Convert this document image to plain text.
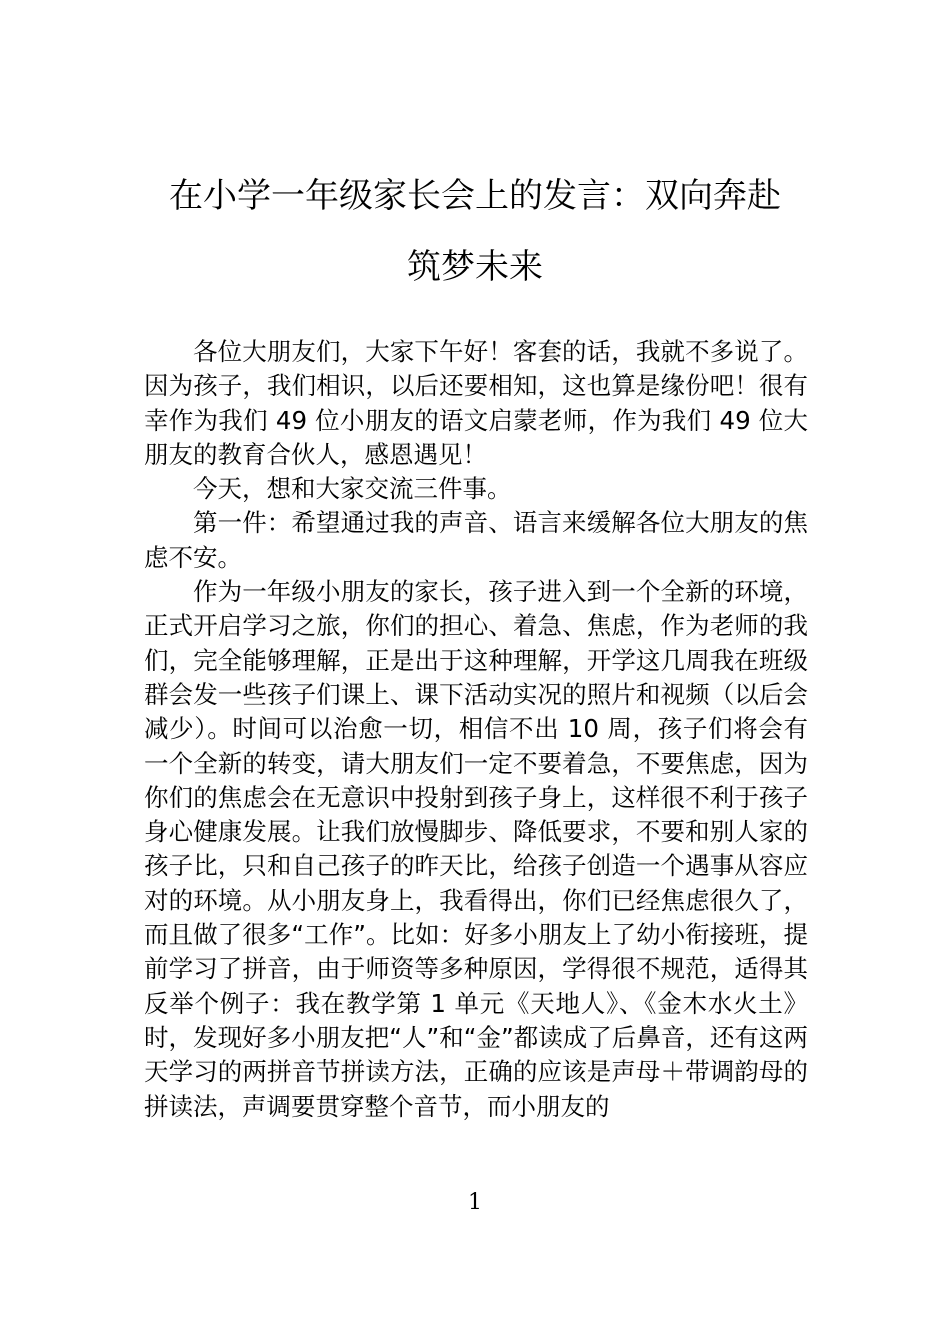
在小学一年级家长会上的发言：双向奔赴
筑梦未来

各位大朋友们，大家下午好！客套的话，我就不多说了。因为孩子，我们相识，以后还要相知，这也算是缘份吧！很有幸作为我们 49 位小朋友的语文启蒙老师，作为我们 49 位大朋友的教育合伙人，感恩遇见！

今天，想和大家交流三件事。

第一件：希望通过我的声音、语言来缓解各位大朋友的焦虑不安。

作为一年级小朋友的家长，孩子进入到一个全新的环境，正式开启学习之旅，你们的担心、着急、焦虑，作为老师的我们，完全能够理解，正是出于这种理解，开学这几周我在班级群会发一些孩子们课上、课下活动实况的照片和视频（以后会减少）。时间可以治愈一切，相信不出 10 周，孩子们将会有一个全新的转变，请大朋友们一定不要着急，不要焦虑，因为你们的焦虑会在无意识中投射到孩子身上，这样很不利于孩子身心健康发展。让我们放慢脚步、降低要求，不要和别人家的孩子比，只和自己孩子的昨天比，给孩子创造一个遇事从容应对的环境。从小朋友身上，我看得出，你们已经焦虑很久了，而且做了很多“工作”。比如：好多小朋友上了幼小衔接班，提前学习了拼音，由于师资等多种原因，学得很不规范，适得其反举个例子：我在教学第 1 单元《天地人》、《金木水火土》时，发现好多小朋友把“人”和“金”都读成了后鼻音，还有这两天学习的两拼音节拼读方法，正确的应该是声母＋带调韵母的拼读法，声调要贯穿整个音节，而小朋友的

1
